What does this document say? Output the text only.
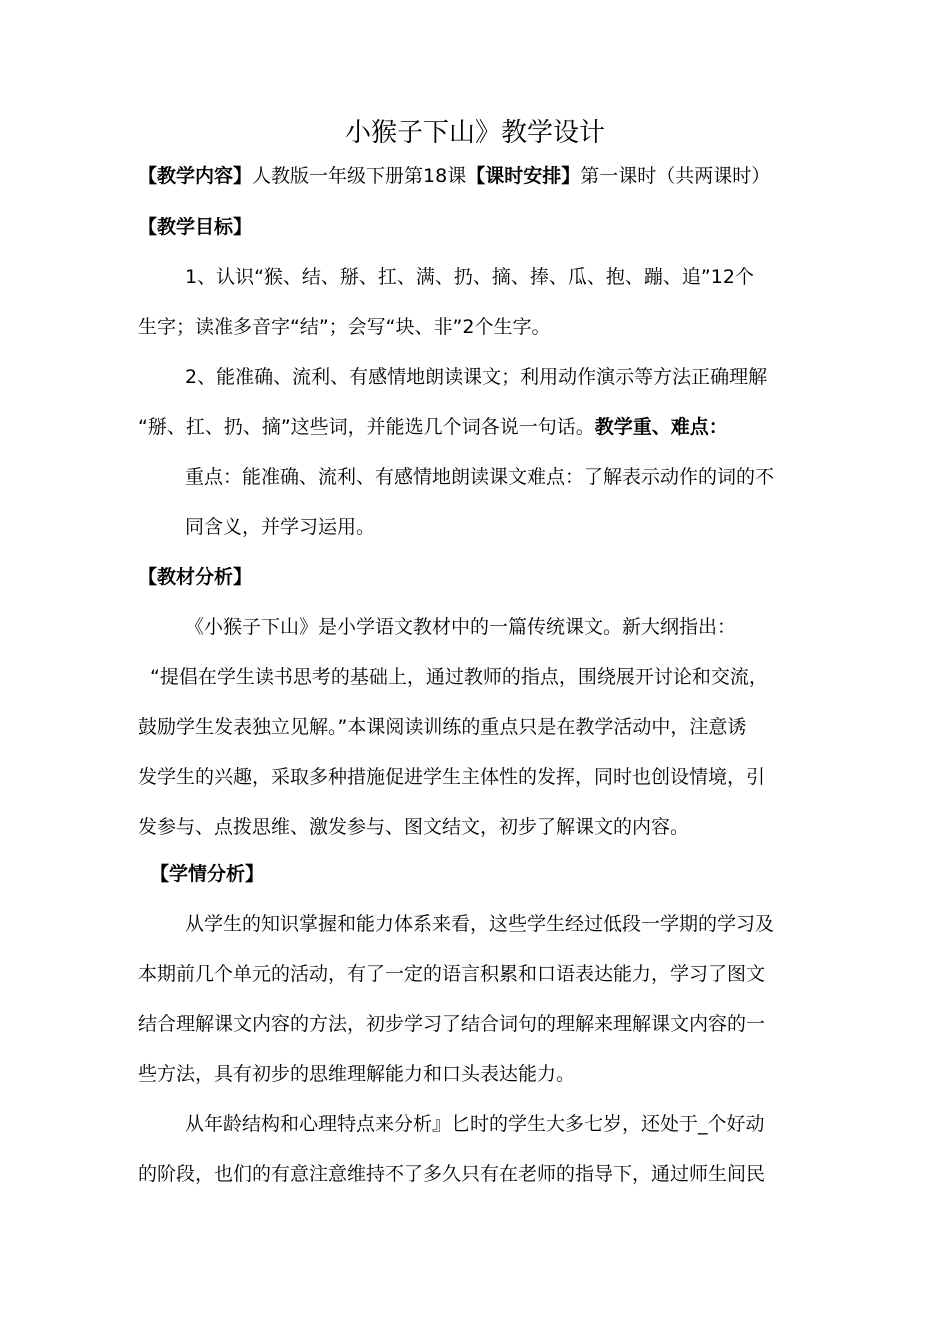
小猴子下山》教学设计
【教学内容】人教版一年级下册第18课【课时安排】第一课时（共两课时）
【教学目标】
1、认识“猴、结、掰、扛、满、扔、摘、捧、瓜、抱、蹦、追”12个
生字；读准多音字“结”；会写“块、非”2个生字。
2、能准确、流利、有感情地朗读课文；利用动作演示等方法正确理解
“掰、扛、扔、摘”这些词，并能选几个词各说一句话。教学重、难点：
重点：能准确、流利、有感情地朗读课文难点：了解表示动作的词的不
同含义，并学习运用。
【教材分析】
《小猴子下山》是小学语文教材中的一篇传统课文。新大纲指出：
“提倡在学生读书思考的基础上，通过教师的指点，围绕展开讨论和交流，
鼓励学生发表独立见解。”本课阅读训练的重点只是在教学活动中，注意诱
发学生的兴趣，采取多种措施促进学生主体性的发挥，同时也创设情境，引
发参与、点拨思维、激发参与、图文结文，初步了解课文的内容。
【学情分析】
从学生的知识掌握和能力体系来看，这些学生经过低段一学期的学习及
本期前几个单元的活动，有了一定的语言积累和口语表达能力，学习了图文
结合理解课文内容的方法，初步学习了结合词句的理解来理解课文内容的一
些方法，具有初步的思维理解能力和口头表达能力。
从年龄结构和心理特点来分析』匕时的学生大多七岁，还处于_个好动
的阶段，也们的有意注意维持不了多久只有在老师的指导下，通过师生间民
